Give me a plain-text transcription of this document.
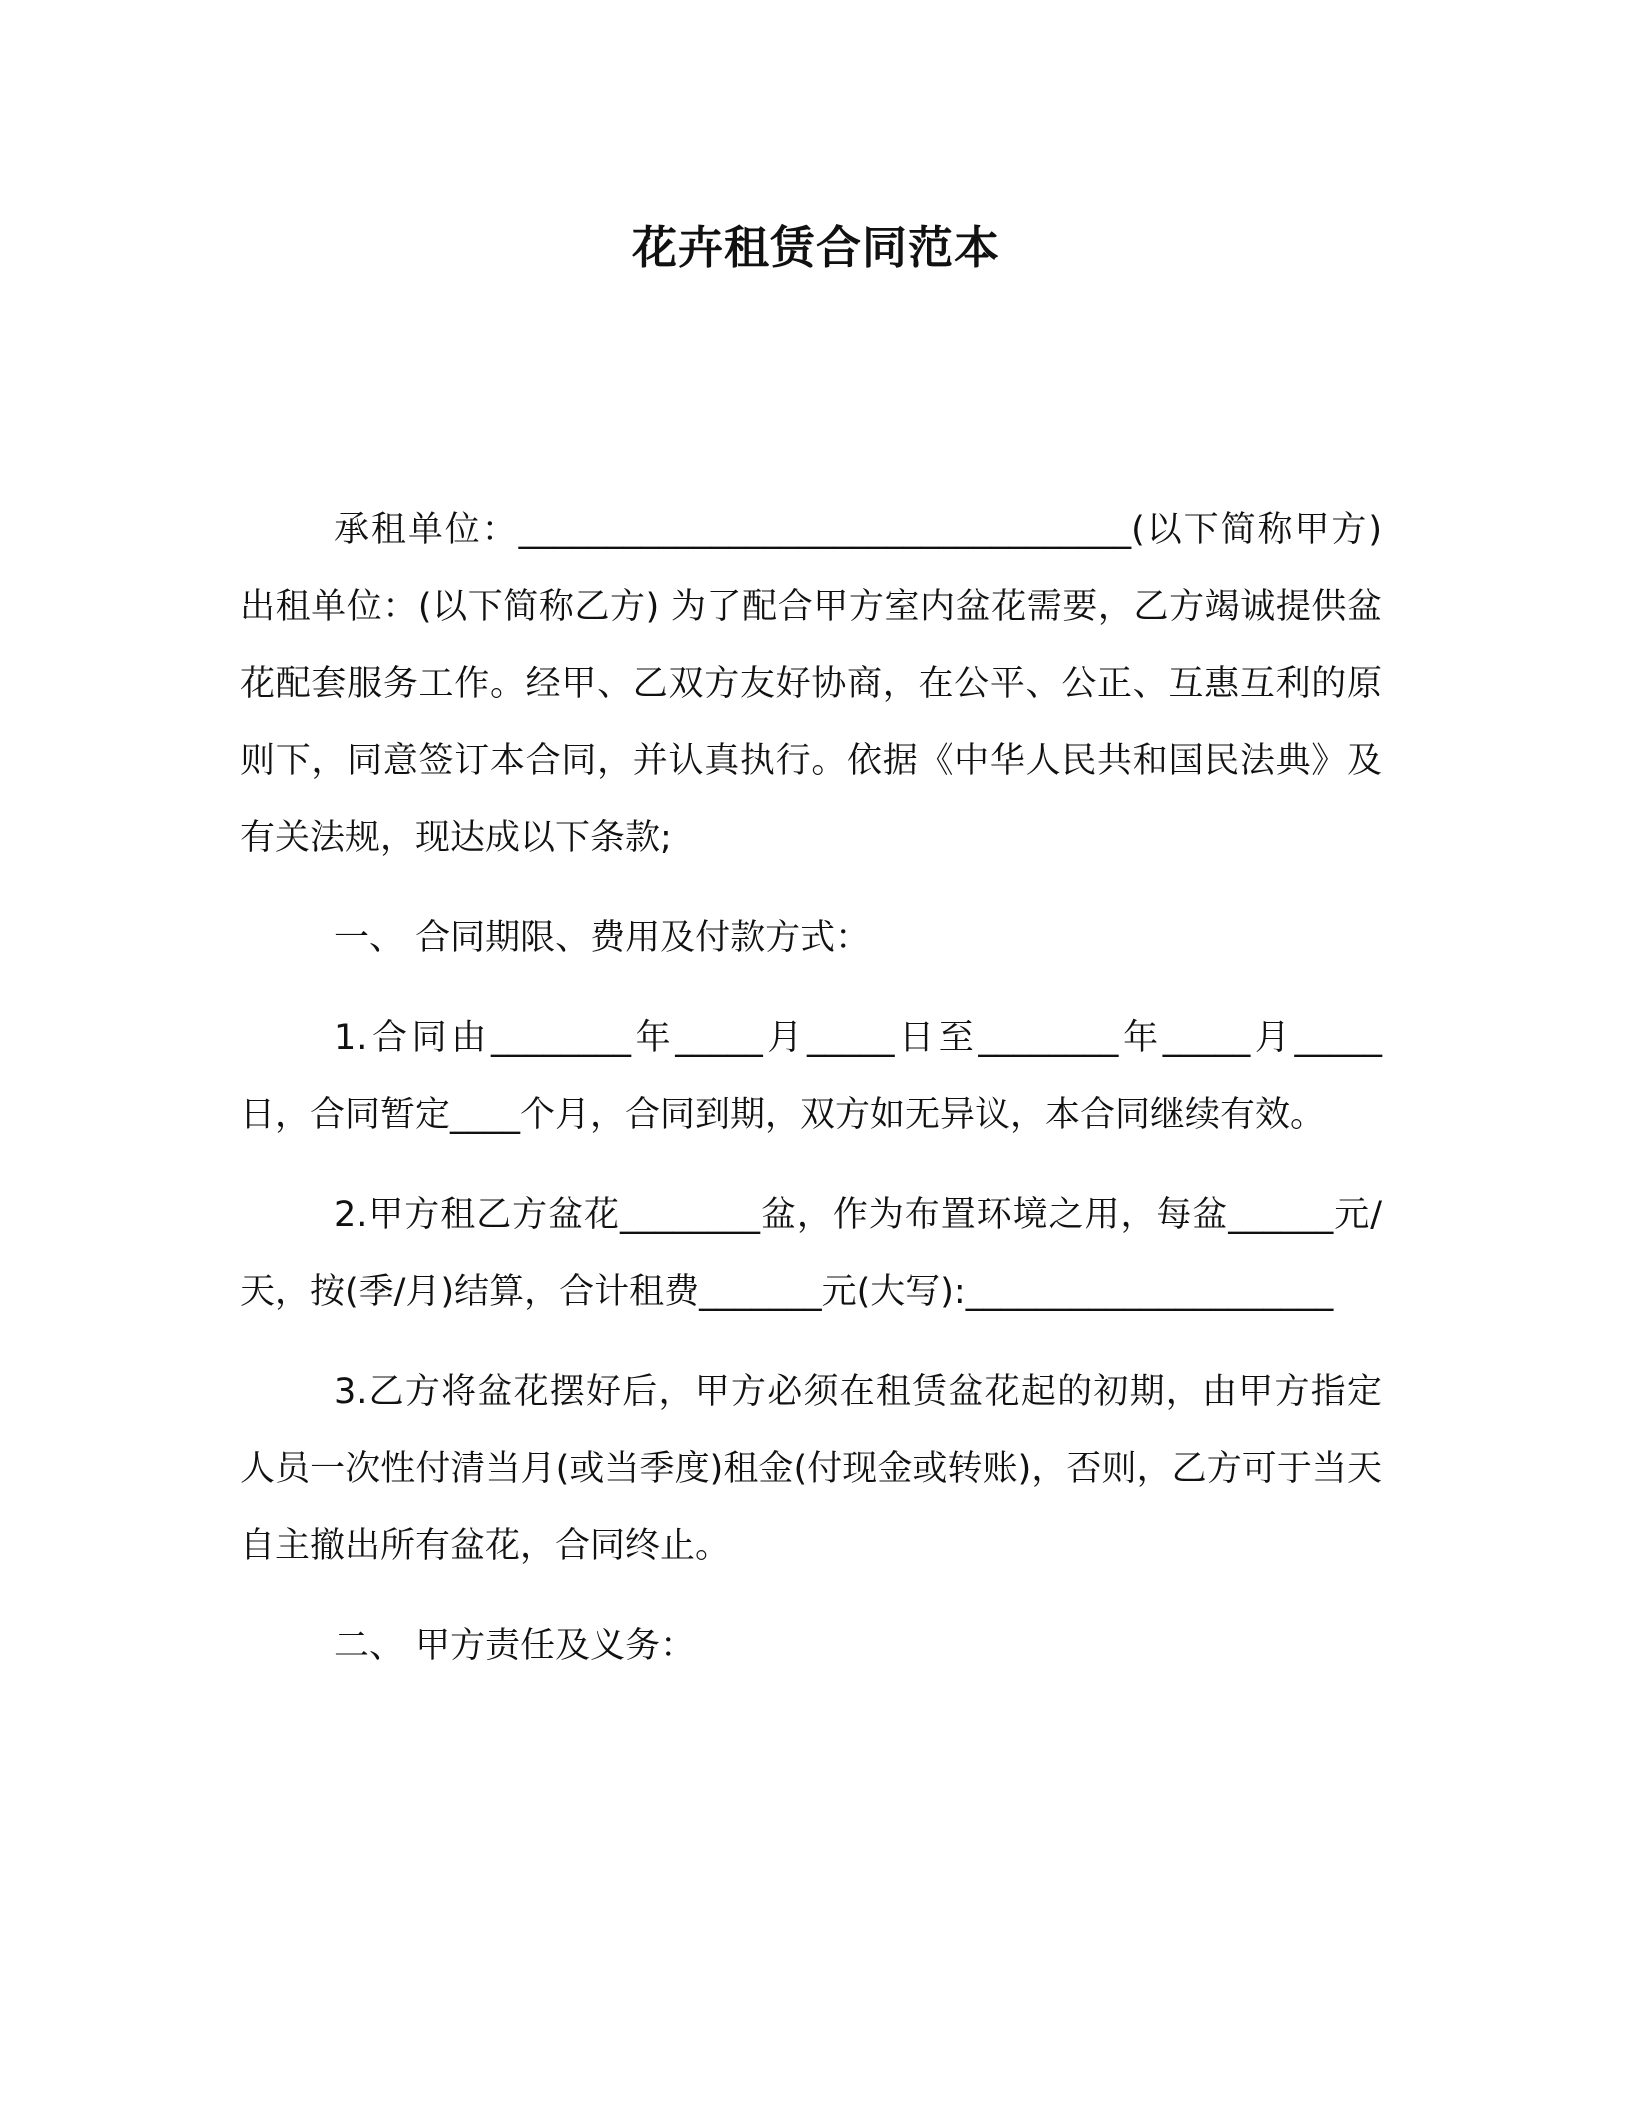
花卉租赁合同范本

承租单位：___________________________________(以下简称甲方) 出租单位：(以下简称乙方) 为了配合甲方室内盆花需要，乙方竭诚提供盆花配套服务工作。经甲、乙双方友好协商，在公平、公正、互惠互利的原则下，同意签订本合同，并认真执行。依据《中华人民共和国民法典》及有关法规，现达成以下条款;

一、 合同期限、费用及付款方式：

1.合同由________年_____月_____日至________年_____月_____日，合同暂定____个月，合同到期，双方如无异议，本合同继续有效。

2.甲方租乙方盆花________盆，作为布置环境之用，每盆______元/天，按(季/月)结算，合计租费_______元(大写):_____________________

3.乙方将盆花摆好后，甲方必须在租赁盆花起的初期，由甲方指定人员一次性付清当月(或当季度)租金(付现金或转账)，否则，乙方可于当天自主撤出所有盆花，合同终止。

二、 甲方责任及义务：
